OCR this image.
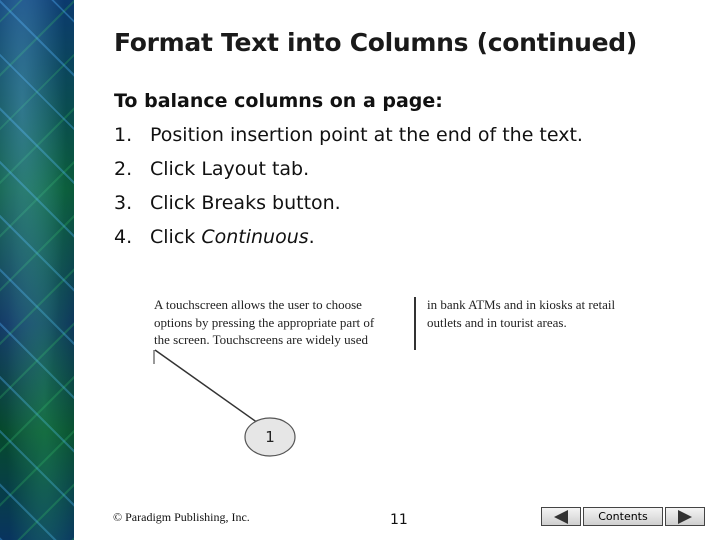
Format Text into Columns (continued)
To balance columns on a page:
1. Position insertion point at the end of the text.
2. Click Layout tab.
3. Click Breaks button.
4. Click Continuous.
A touchscreen allows the user to choose
options by pressing the appropriate part of
the screen. Touchscreens are widely used
in bank ATMs and in kiosks at retail
outlets and in tourist areas.
1
© Paradigm Publishing, Inc.	11	Contents
